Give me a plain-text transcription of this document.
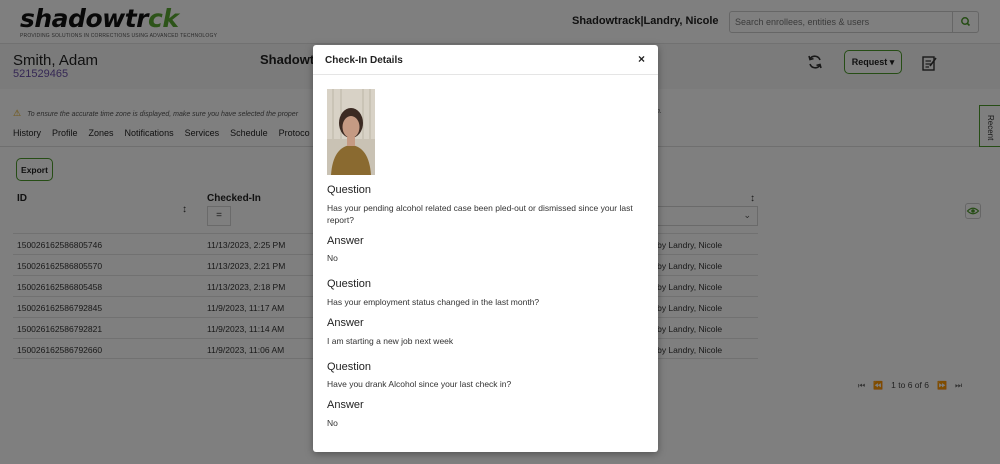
Search enrollees, entities & users
Check-In Details	×
Question
Has your pending alcohol related case been pled-out or dismissed since your last report?
Answer
No
Question
Has your employment status changed in the last month?
Answer
I am starting a new job next week
Question
Have you drank Alcohol since your last check in?
Answer
No
